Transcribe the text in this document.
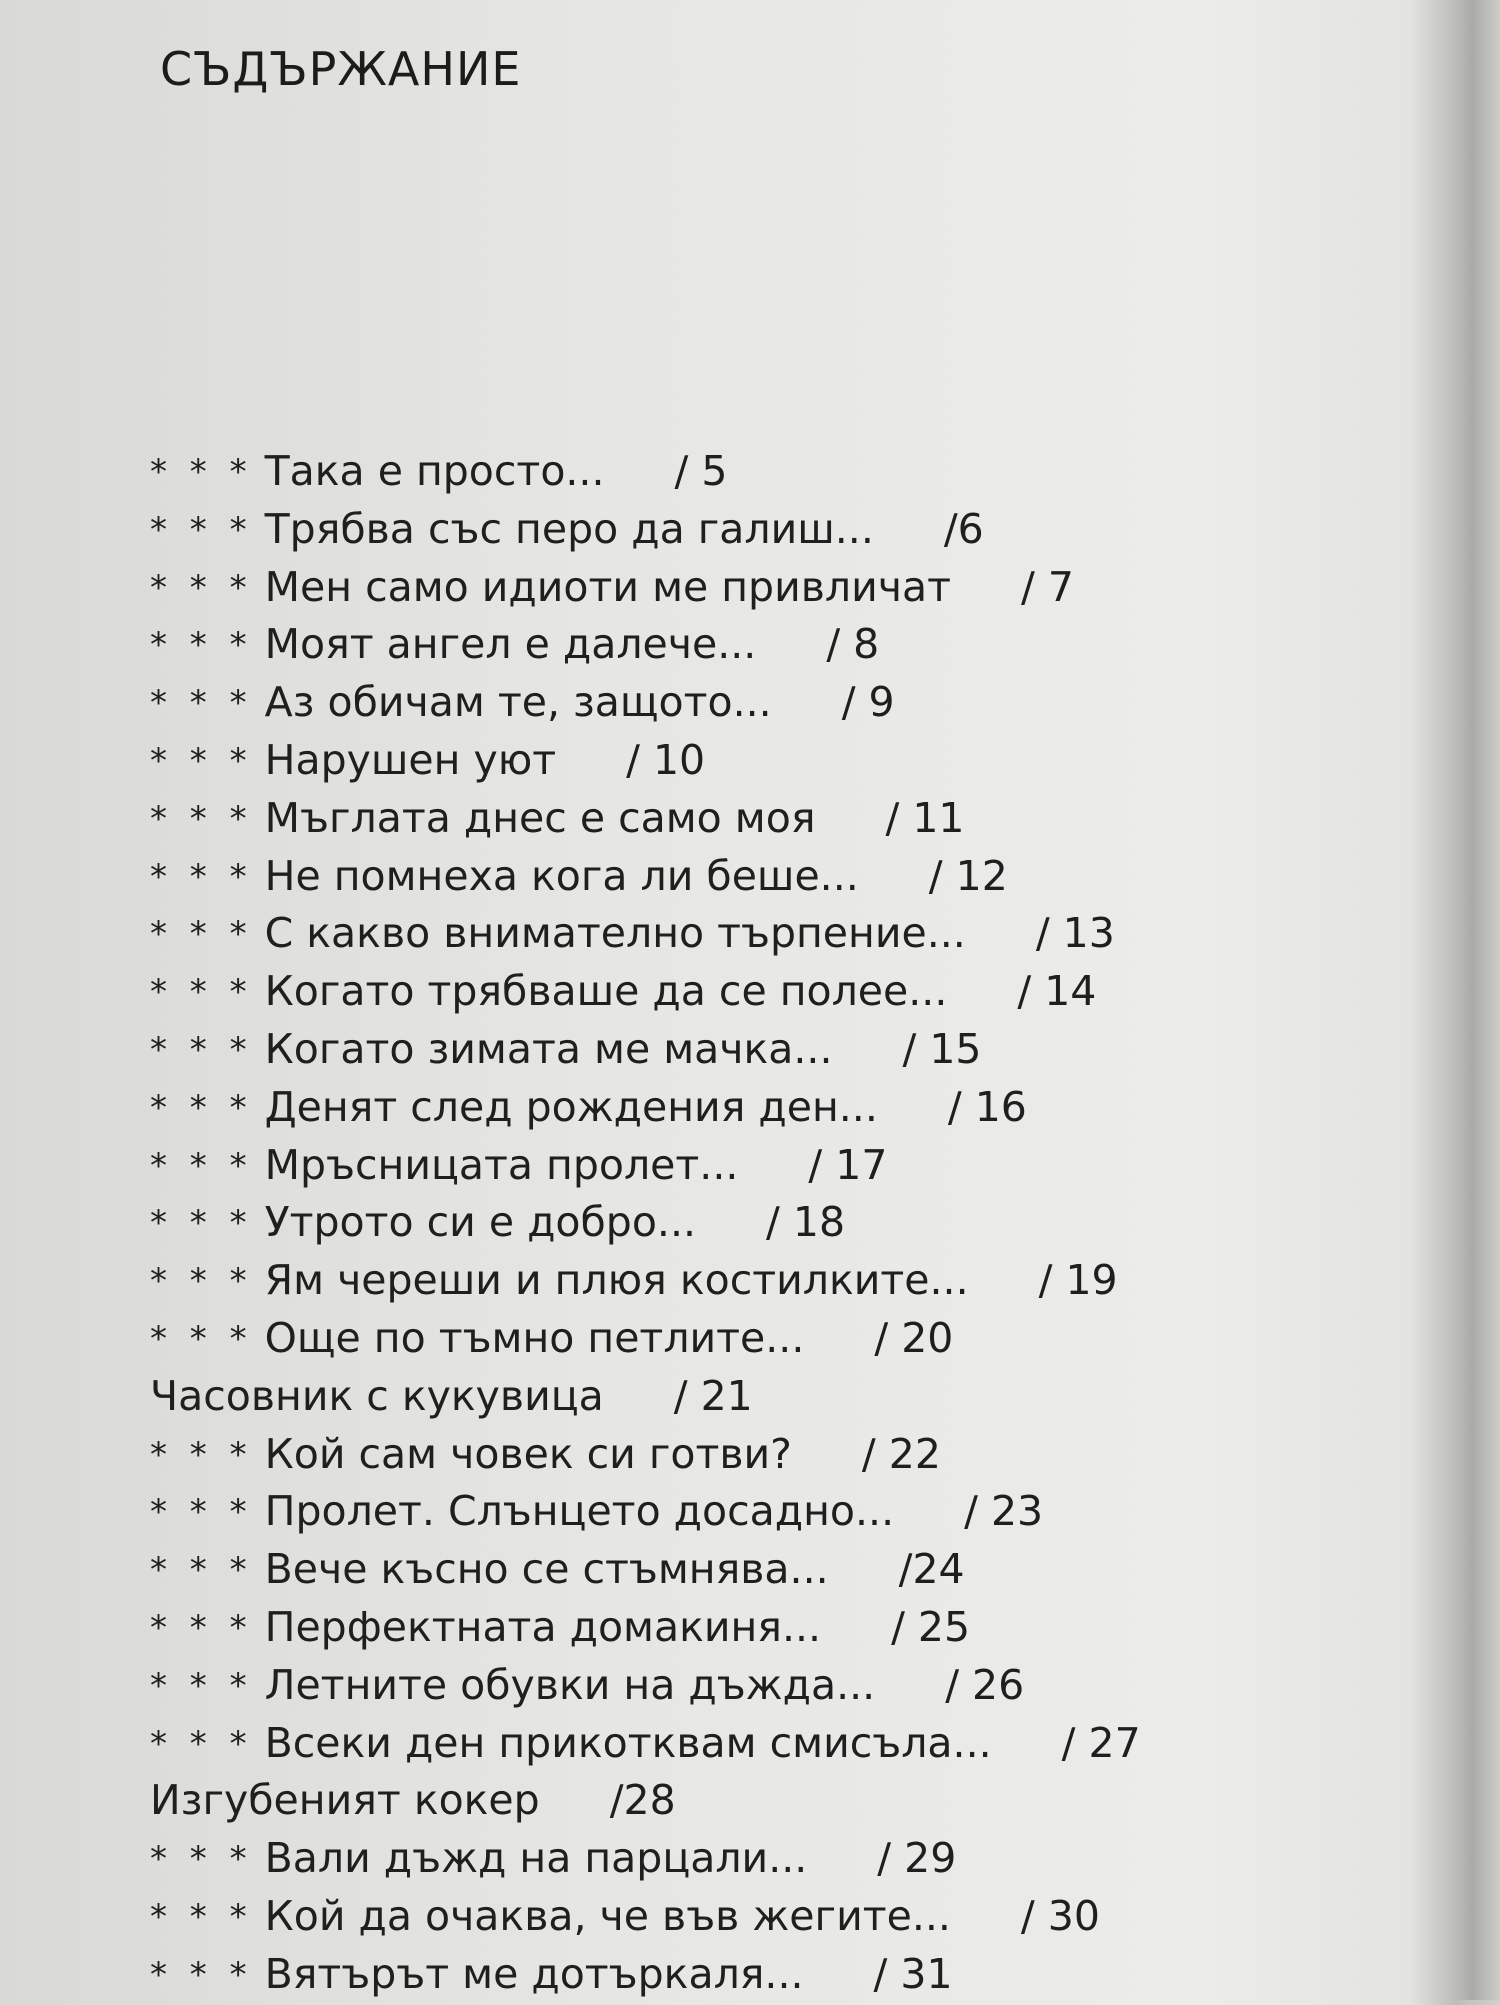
СЪДЪРЖАНИЕ
* * * Така е просто... / 5
* * * Трябва със перо да галиш... /6
* * * Мен само идиоти ме привличат / 7
* * * Моят ангел е далече... / 8
* * * Аз обичам те, защото... / 9
* * * Нарушен уют / 10
* * * Мъглата днес е само моя / 11
* * * Не помнеха кога ли беше... / 12
* * * С какво внимателно търпение... / 13
* * * Когато трябваше да се полее... / 14
* * * Когато зимата ме мачка... / 15
* * * Денят след рождения ден... / 16
* * * Мръсницата пролет... / 17
* * * Утрото си е добро... / 18
* * * Ям череши и плюя костилките... / 19
* * * Още по тъмно петлите... / 20
Часовник с кукувица / 21
* * * Кой сам човек си готви? / 22
* * * Пролет. Слънцето досадно... / 23
* * * Вече късно се стъмнява... /24
* * * Перфектната домакиня... / 25
* * * Летните обувки на дъжда... / 26
* * * Всеки ден прикотквам смисъла... / 27
Изгубеният кокер /28
* * * Вали дъжд на парцали... / 29
* * * Кой да очаква, че във жегите... / 30
* * * Вятърът ме дотъркаля... / 31
